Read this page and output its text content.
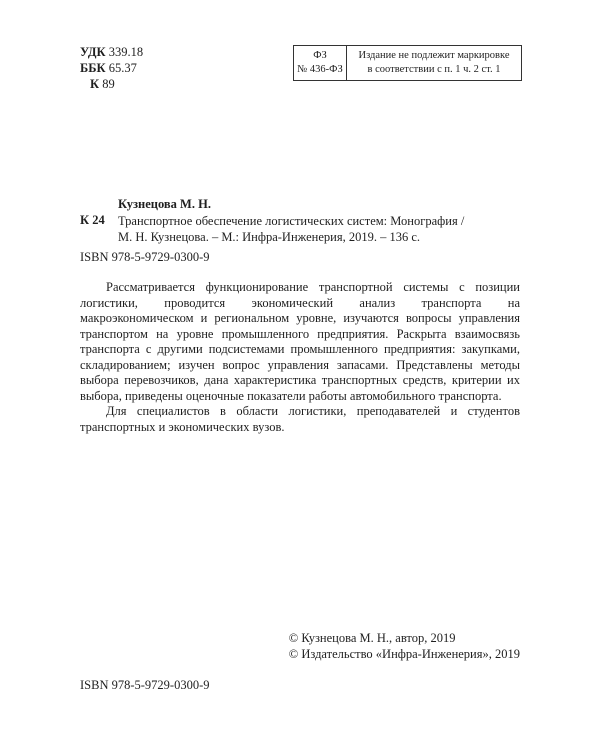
УДК 339.18
ББК 65.37
К 89
ФЗ
№ 436-ФЗ
Издание не подлежит маркировке
в соответствии с п. 1 ч. 2 ст. 1
Кузнецова М. Н.
К 24 Транспортное обеспечение логистических систем: Монография /
М. Н. Кузнецова. – М.: Инфра-Инженерия, 2019. – 136 с.
ISBN 978-5-9729-0300-9

Рассматривается функционирование транспортной системы с позиции логистики, проводится экономический анализ транспорта на макроэкономическом и региональном уровне, изучаются вопросы управления транспортом на уровне промышленного предприятия. Раскрыта взаимосвязь транспорта с другими подсистемами промышленного предприятия: закупками, складированием; изучен вопрос управления запасами. Представлены методы выбора перевозчиков, дана характеристика транспортных средств, критерии их выбора, приведены оценочные показатели работы автомобильного транспорта.

Для специалистов в области логистики, преподавателей и студентов транспортных и экономических вузов.

© Кузнецова М. Н., автор, 2019
© Издательство «Инфра-Инженерия», 2019
ISBN 978-5-9729-0300-9
